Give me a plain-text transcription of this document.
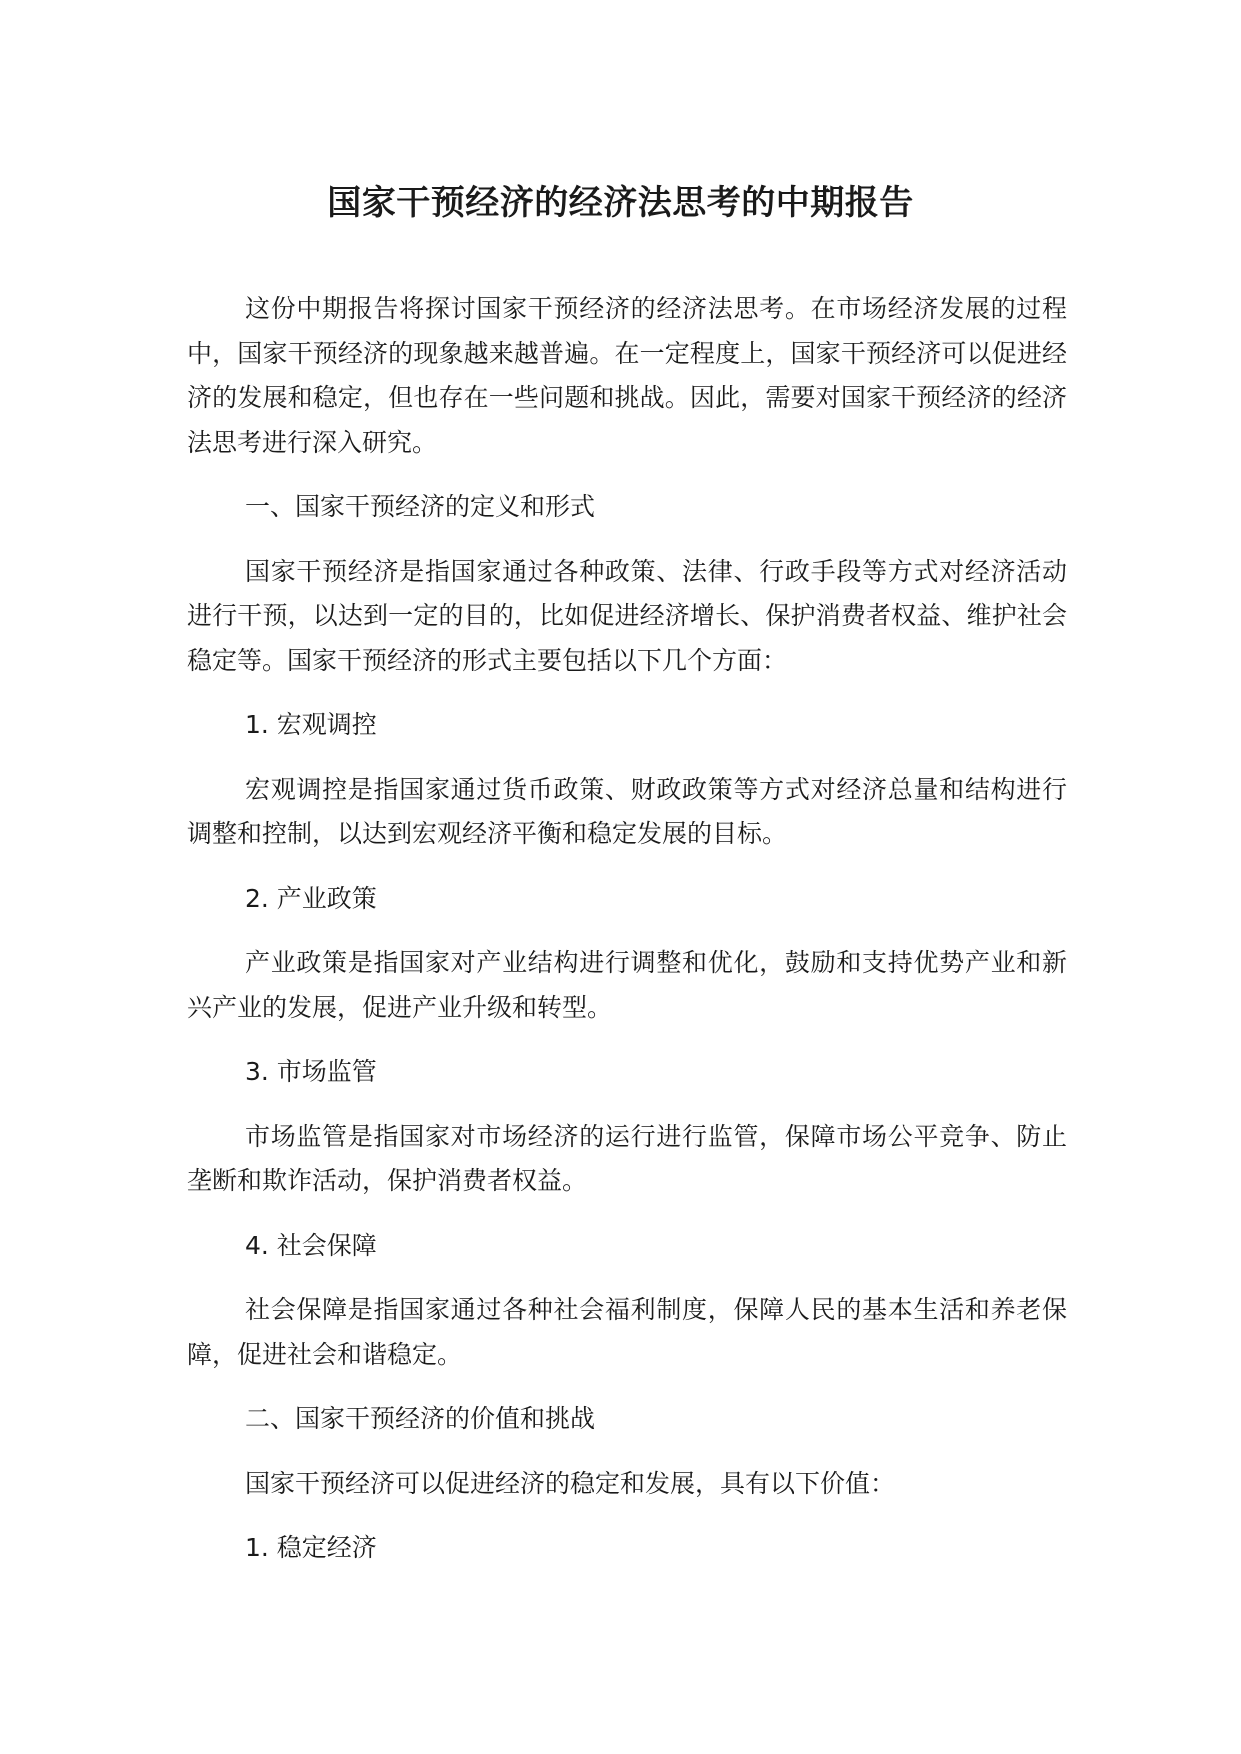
国家干预经济的经济法思考的中期报告

这份中期报告将探讨国家干预经济的经济法思考。在市场经济发展的过程中，国家干预经济的现象越来越普遍。在一定程度上，国家干预经济可以促进经济的发展和稳定，但也存在一些问题和挑战。因此，需要对国家干预经济的经济法思考进行深入研究。

一、国家干预经济的定义和形式

国家干预经济是指国家通过各种政策、法律、行政手段等方式对经济活动进行干预，以达到一定的目的，比如促进经济增长、保护消费者权益、维护社会稳定等。国家干预经济的形式主要包括以下几个方面：

1. 宏观调控

宏观调控是指国家通过货币政策、财政政策等方式对经济总量和结构进行调整和控制，以达到宏观经济平衡和稳定发展的目标。

2. 产业政策

产业政策是指国家对产业结构进行调整和优化，鼓励和支持优势产业和新兴产业的发展，促进产业升级和转型。

3. 市场监管

市场监管是指国家对市场经济的运行进行监管，保障市场公平竞争、防止垄断和欺诈活动，保护消费者权益。

4. 社会保障

社会保障是指国家通过各种社会福利制度，保障人民的基本生活和养老保障，促进社会和谐稳定。

二、国家干预经济的价值和挑战

国家干预经济可以促进经济的稳定和发展，具有以下价值：

1. 稳定经济
